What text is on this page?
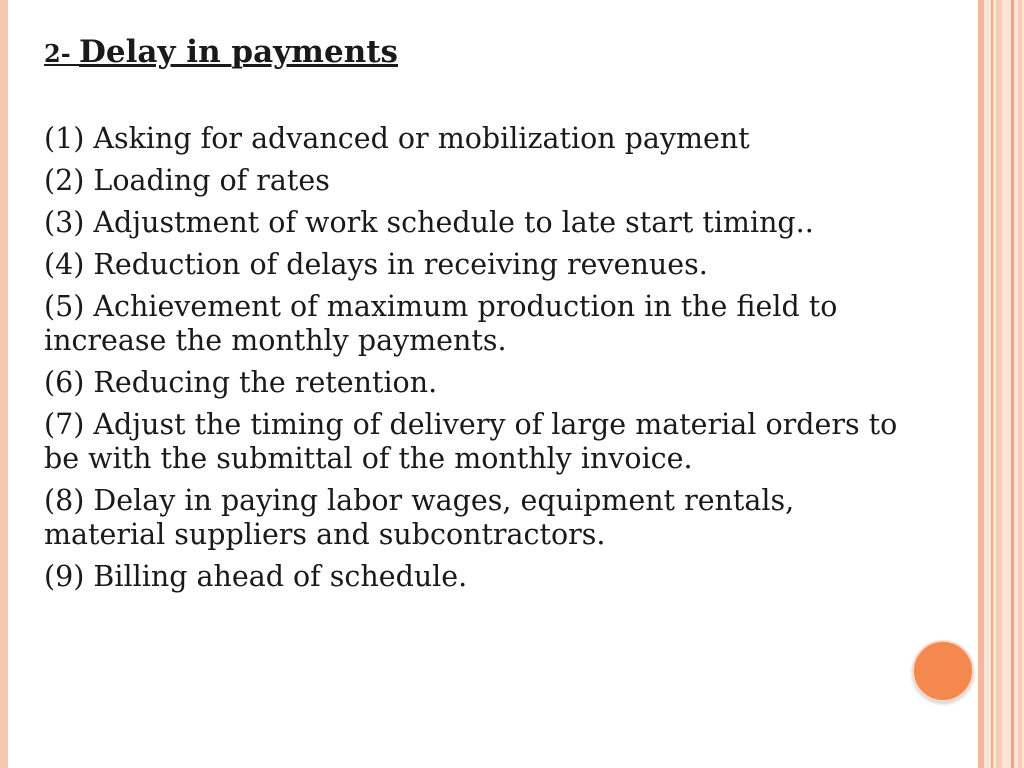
2- Delay in payments
(1) Asking for advanced or mobilization payment
(2) Loading of rates
(3) Adjustment of work schedule to late start timing..
(4) Reduction of delays in receiving revenues.
(5) Achievement of maximum production in the field to increase the monthly payments.
(6) Reducing the retention.
(7) Adjust the timing of delivery of large material orders to be with the submittal of the monthly invoice.
(8) Delay in paying labor wages, equipment rentals, material suppliers and subcontractors.
(9) Billing ahead of schedule.
